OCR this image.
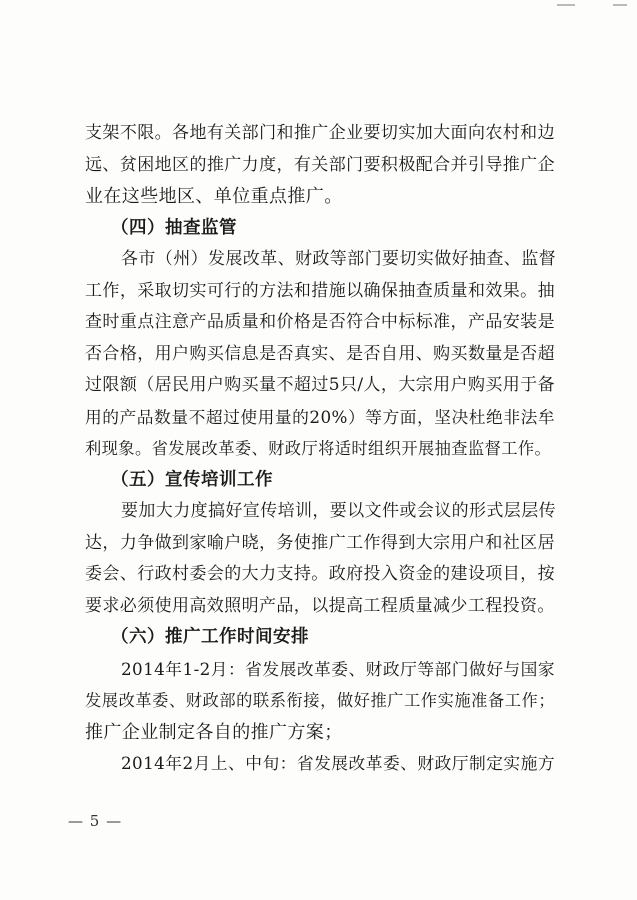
支架不限。各地有关部门和推广企业要切实加大面向农村和边
远、贫困地区的推广力度，有关部门要积极配合并引导推广企
业在这些地区、单位重点推广。
（四）抽查监管
各市（州）发展改革、财政等部门要切实做好抽查、监督
工作，采取切实可行的方法和措施以确保抽查质量和效果。抽
查时重点注意产品质量和价格是否符合中标标准，产品安装是
否合格，用户购买信息是否真实、是否自用、购买数量是否超
过限额（居民用户购买量不超过5只/人，大宗用户购买用于备
用的产品数量不超过使用量的20%）等方面，坚决杜绝非法牟
利现象。省发展改革委、财政厅将适时组织开展抽查监督工作。
（五）宣传培训工作
要加大力度搞好宣传培训，要以文件或会议的形式层层传
达，力争做到家喻户晓，务使推广工作得到大宗用户和社区居
委会、行政村委会的大力支持。政府投入资金的建设项目，按
要求必须使用高效照明产品，以提高工程质量减少工程投资。
（六）推广工作时间安排
2014年1-2月：省发展改革委、财政厅等部门做好与国家
发展改革委、财政部的联系衔接，做好推广工作实施准备工作；
推广企业制定各自的推广方案；
2014年2月上、中旬：省发展改革委、财政厅制定实施方
— 5 —
